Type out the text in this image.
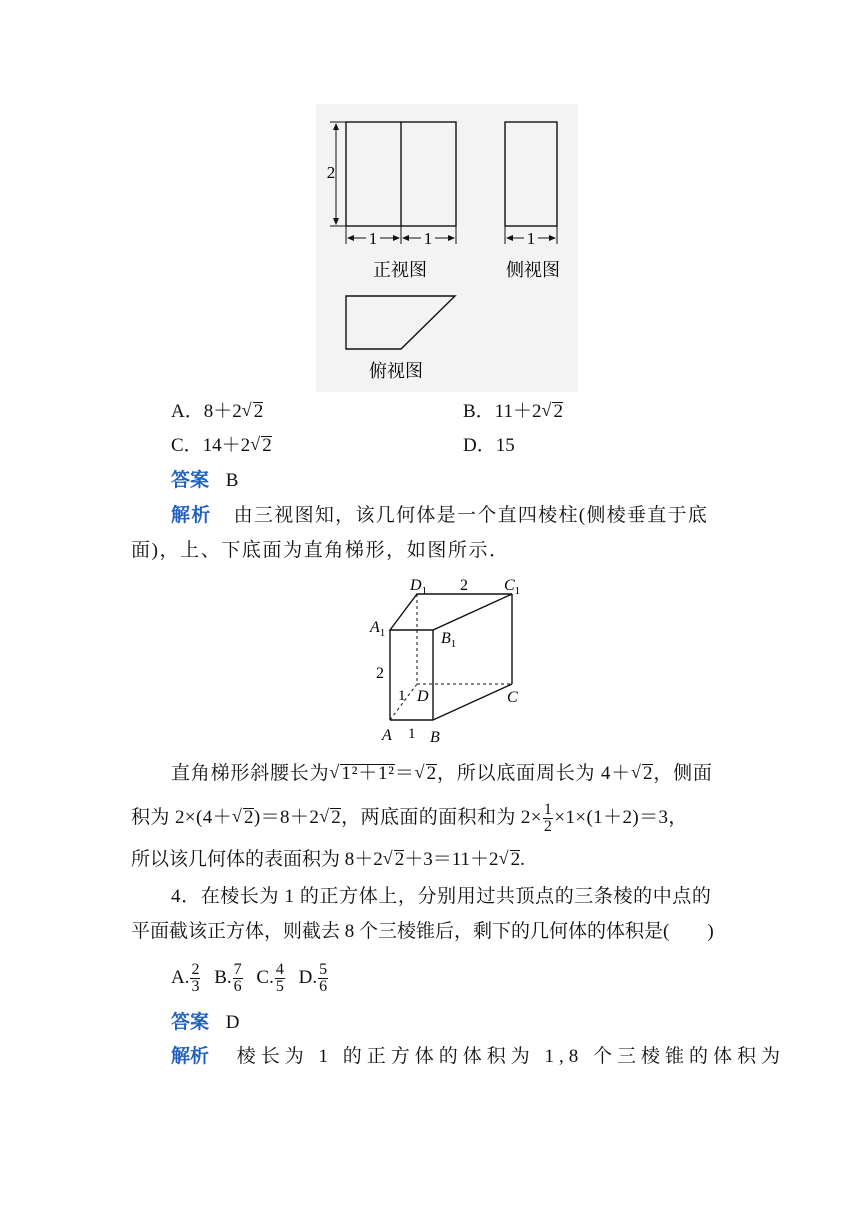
2
1	1
正视图
1
侧视图
俯视图
A．8＋2 √ 2	B．11＋2 √ 2
C．14＋2 √ 2	D．15
答案 B
解析 由三视图知，该几何体是一个直四棱柱(侧棱垂直于底
面)，上、下底面为直角梯形，如图所示．
$D_1$ 2 $C_1$
$A_1$	$B_1$
2
1 D	C
A 1 B
直角梯形斜腰长为 √ 1²＋1²＝ √ 2，所以底面周长为 4＋ √ 2，侧面
积为 2×(4＋ √ 2)＝8＋2 √ 2，两底面的面积和为 $2\times \frac{1}{2} \times 1\times(1+2)=3$，
所以该几何体的表面积为 8＋2 √ 2＋3＝11＋2 √ 2.
4．在棱长为 1 的正方体上，分别用过共顶点的三条棱的中点的
平面截该正方体，则截去 8 个三棱锥后，剩下的几何体的体积是(　　)
A. $\frac{2}{3} B$. $\frac{7}{6} C$. $\frac{4}{5} D$. $\frac{5}{6}$
答案 D
解析 棱长为 1 的正方体的体积为 1,8 个三棱锥的体积为
